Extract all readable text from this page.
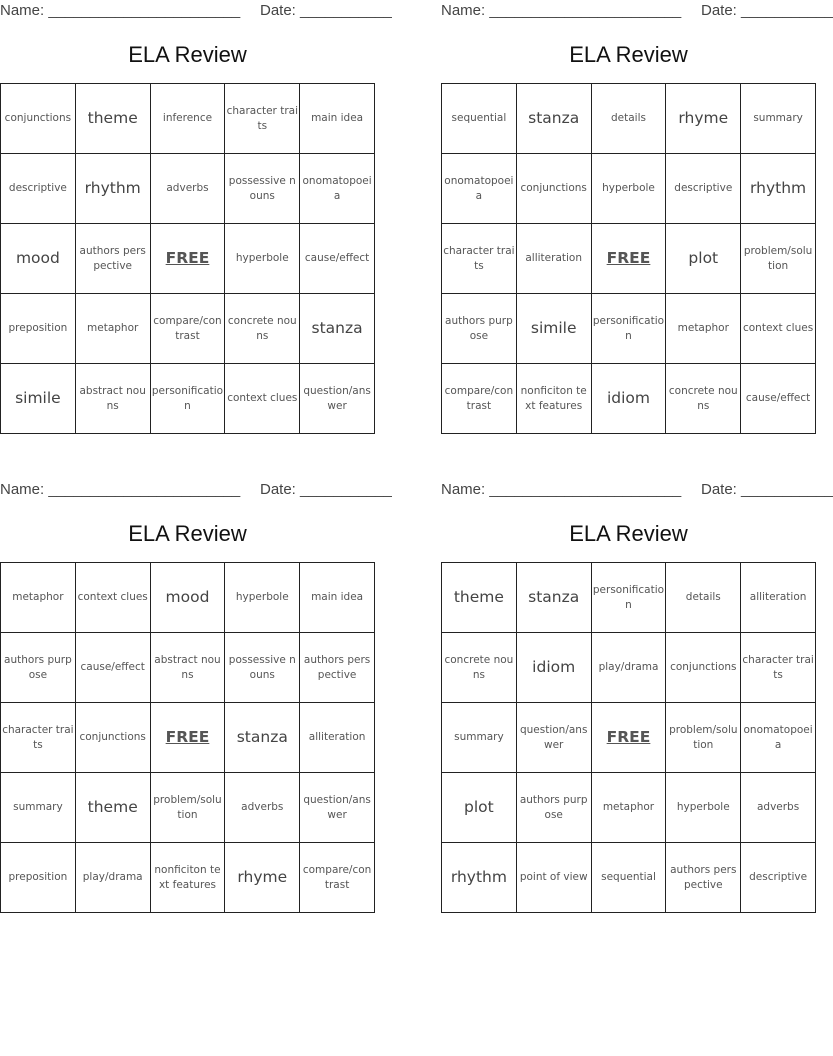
Name: _______________________ Date: ___________
ELA Review
conjunctions	theme	inference	character traits	main idea
descriptive	rhythm	adverbs	possessive nouns	onomatopoeia
mood	authors perspective	FREE	hyperbole	cause/effect
preposition	metaphor	compare/contrast	concrete nouns	stanza
simile	abstract nouns	personification	context clues	question/answer
Name: _______________________ Date: ___________
ELA Review
sequential	stanza	details	rhyme	summary
onomatopoeia	conjunctions	hyperbole	descriptive	rhythm
character traits	alliteration	FREE	plot	problem/solution
authors purpose	simile	personification	metaphor	context clues
compare/contrast	nonficiton text features	idiom	concrete nouns	cause/effect
Name: _______________________ Date: ___________
ELA Review
metaphor	context clues	mood	hyperbole	main idea
authors purpose	cause/effect	abstract nouns	possessive nouns	authors perspective
character traits	conjunctions	FREE	stanza	alliteration
summary	theme	problem/solution	adverbs	question/answer
preposition	play/drama	nonficiton text features	rhyme	compare/contrast
Name: _______________________ Date: ___________
ELA Review
theme	stanza	personification	details	alliteration
concrete nouns	idiom	play/drama	conjunctions	character traits
summary	question/answer	FREE	problem/solution	onomatopoeia
plot	authors purpose	metaphor	hyperbole	adverbs
rhythm	point of view	sequential	authors perspective	descriptive
